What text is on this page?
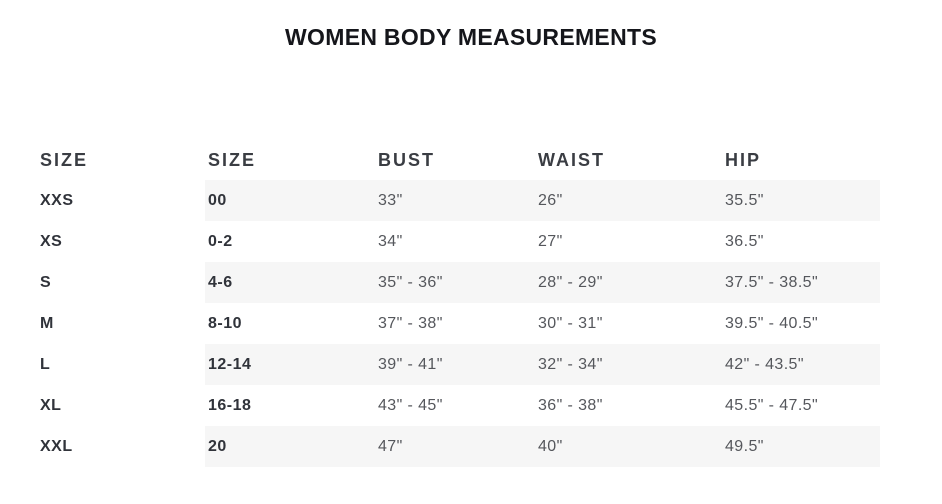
WOMEN BODY MEASUREMENTS
SIZE	SIZE	BUST	WAIST	HIP
XXS	00	33"	26"	35.5"
XS	0-2	34"	27"	36.5"
S	4-6	35" - 36"	28" - 29"	37.5" - 38.5"
M	8-10	37" - 38"	30" - 31"	39.5" - 40.5"
L	12-14	39" - 41"	32" - 34"	42" - 43.5"
XL	16-18	43" - 45"	36" - 38"	45.5" - 47.5"
XXL	20	47"	40"	49.5"
